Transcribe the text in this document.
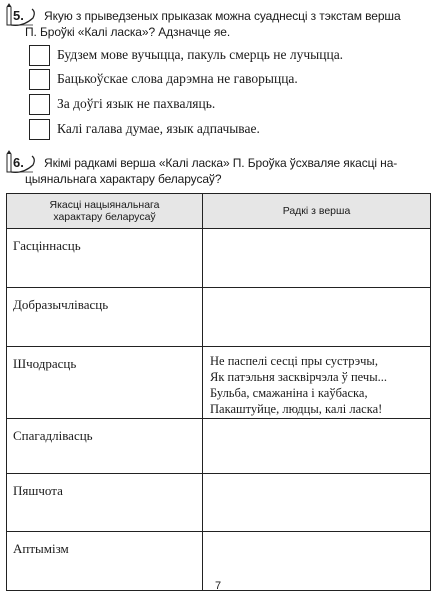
5. Якую з прыведзеных прыказак можна суаднесці з тэкстам верша
П. Броўкі «Калі ласка»? Адзначце яе.
Будзем мове вучыцца, пакуль смерць не лучыцца.
Бацькоўскае слова дарэмна не гаворыцца.
За доўгі язык не пахваляць.
Калі галава думае, язык адпачывае.
6. Якімі радкамі верша «Калі ласка» П. Броўка ўсхваляе якасці на-
цыянальнага характару беларусаў?
Якасці нацыянальнага характару беларусаў	Радкі з верша

Гасціннасць	

Добразычлівасць	

Шчодрасць	Не паспелі сесці пры сустрэчы,
Як патэльня засквірчэла ў печы...
Бульба, смажаніна і каўбаска,
Пакаштуйце, людцы, калі ласка!

Спагадлівасць	

Пяшчота	

Аптымізм	

7
